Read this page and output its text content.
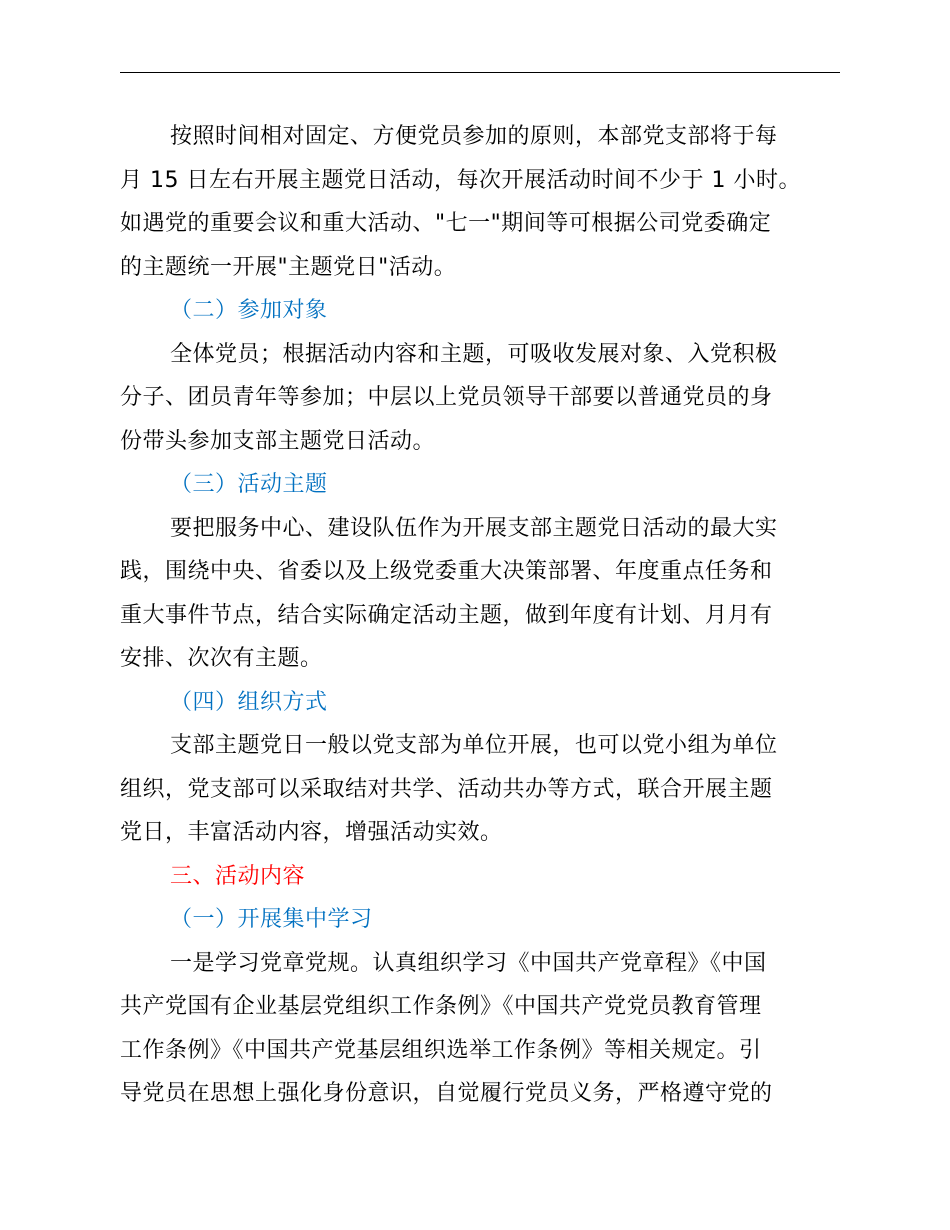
按照时间相对固定、方便党员参加的原则，本部党支部将于每
月 15 日左右开展主题党日活动，每次开展活动时间不少于 1 小时。
如遇党的重要会议和重大活动、"七一"期间等可根据公司党委确定
的主题统一开展"主题党日"活动。
（二）参加对象
全体党员；根据活动内容和主题，可吸收发展对象、入党积极
分子、团员青年等参加；中层以上党员领导干部要以普通党员的身
份带头参加支部主题党日活动。
（三）活动主题
要把服务中心、建设队伍作为开展支部主题党日活动的最大实
践，围绕中央、省委以及上级党委重大决策部署、年度重点任务和
重大事件节点，结合实际确定活动主题，做到年度有计划、月月有
安排、次次有主题。
（四）组织方式
支部主题党日一般以党支部为单位开展，也可以党小组为单位
组织，党支部可以采取结对共学、活动共办等方式，联合开展主题
党日，丰富活动内容，增强活动实效。
三、活动内容
（一）开展集中学习
一是学习党章党规。认真组织学习《中国共产党章程》《中国
共产党国有企业基层党组织工作条例》《中国共产党党员教育管理
工作条例》《中国共产党基层组织选举工作条例》等相关规定。引
导党员在思想上强化身份意识，自觉履行党员义务，严格遵守党的
